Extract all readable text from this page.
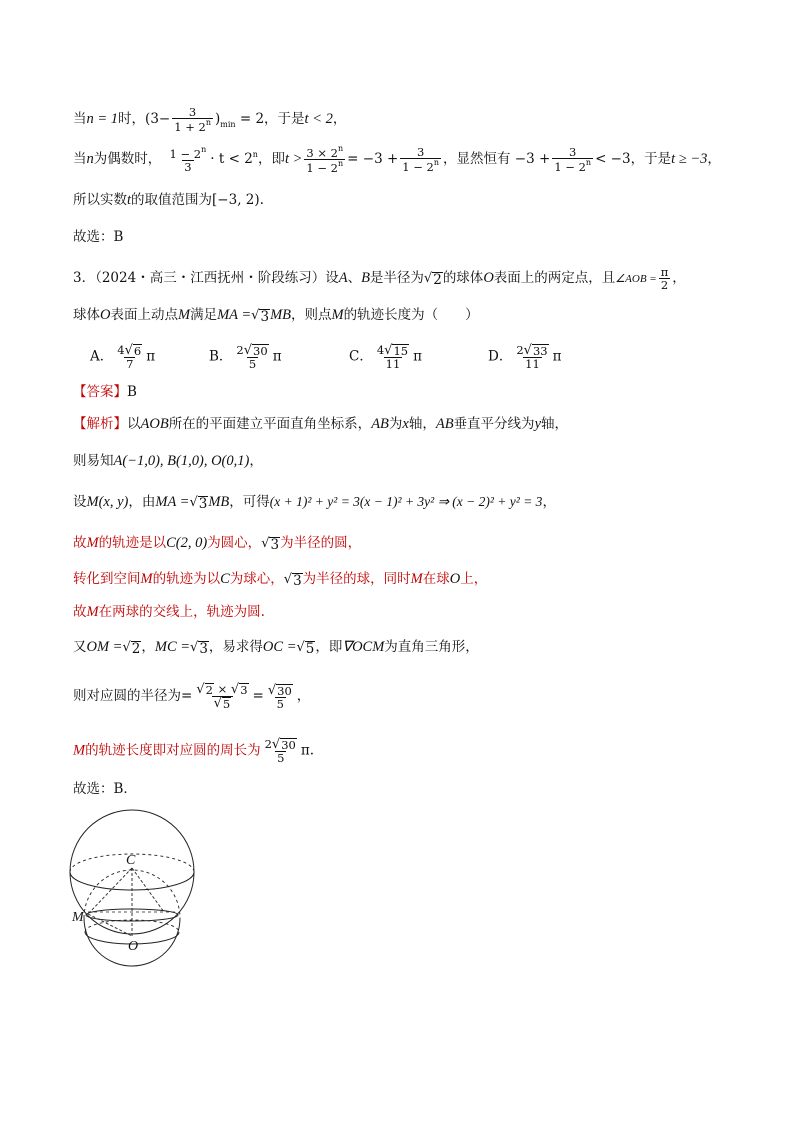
当n = 1时，$(3- \frac{3}{1 + 2^n} )_{min} = 2$，于是t < 2，
当n为偶数时， $\frac{1 - 2^n}{3} \cdot t < 2^n$，即$t > \frac{3 \times 2^n}{1 - 2^n} = -3 + \frac{3}{1 - 2^n}$ ，显然恒有 $-3 + \frac{3}{1 - 2^n} < -3$，于是t ≥ −3，
所以实数t的取值范围为[−3, 2).
故选：B
3．（2024・高三・江西抚州・阶段练习）设A、B是半径为 √ 2 的球体O表面上的两定点，且∠AOB = $\frac{\pi}{2}$ ，
球体O表面上动点M满足MA = √ 3 MB，则点M的轨迹长度为（　　）
A． $\frac{4 √ 6}{7}$ π	B． $\frac{2 √ 30}{5}$ π	C． $\frac{4 √ 15}{11}$ π	D． $\frac{2 √ 33}{11}$ π
【答案】B
【解析】以AOB所在的平面建立平面直角坐标系，AB为x轴，AB垂直平分线为y轴，
则易知A(−1,0), B(1,0), O(0,1)，
设M(x, y)，由MA = √ 3 MB，可得(x + 1)² + y² = 3(x − 1)² + 3y² ⇒ (x − 2)² + y² = 3，
故M的轨迹是以C(2, 0)为圆心， √ 3 为半径的圆，
转化到空间M的轨迹为以C为球心， √ 3 为半径的球，同时M在球O上，
故M在两球的交线上，轨迹为圆.
又OM = √ 2 ，MC = √ 3 ，易求得OC = √ 5 ，即∇OCM为直角三角形，
则对应圆的半径为= $\frac{√ 2 \times √ 3}{√ 5} = \frac{√ 30}{5}$ ，
M的轨迹长度即对应圆的周长为 $\frac{2 √ 30}{5} \pi$.
故选：B．
C
M
O
